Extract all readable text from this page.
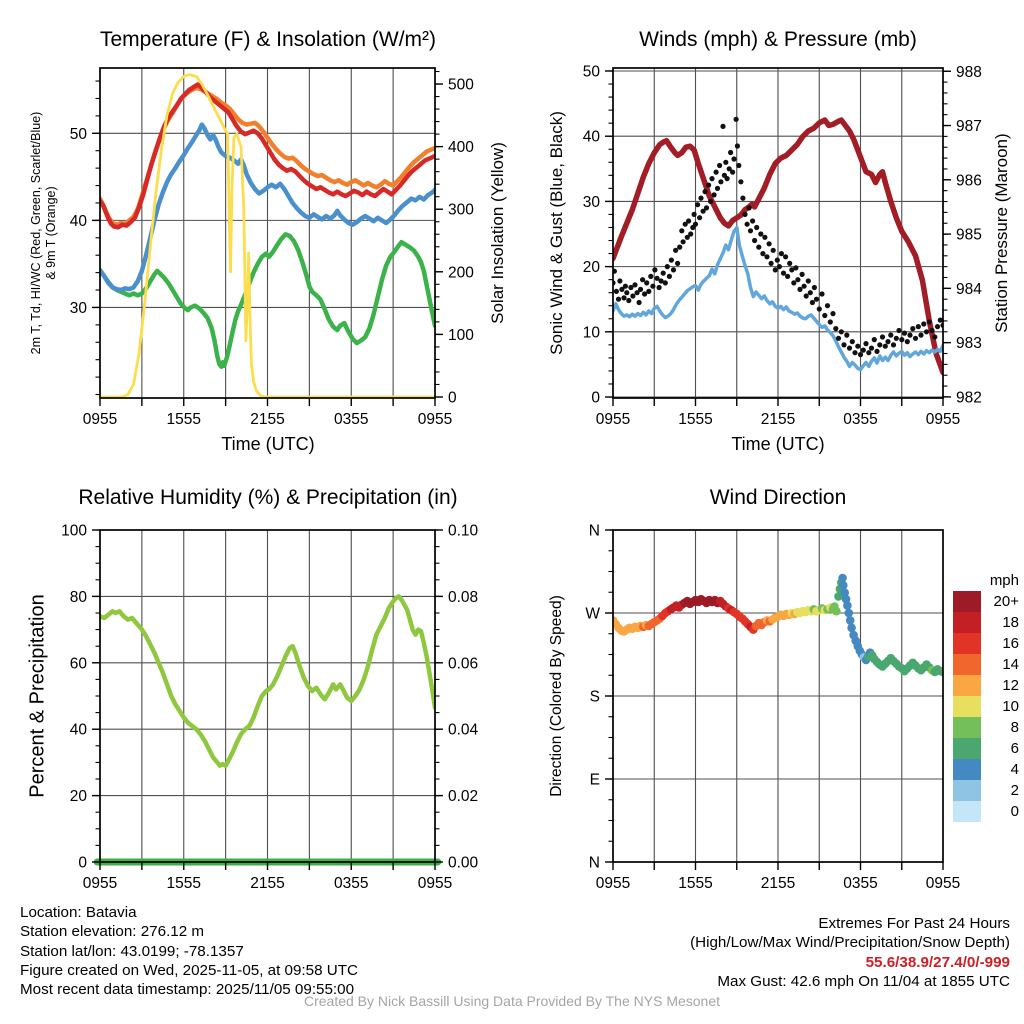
30
40
50
0
100
200
300
400
500
0955	1555	2155	0355	0955
0
10
20
30
40
50
982
983
984
985
986
987
988
0955	1555	2155	0355	0955
0
20
40
60
80
100
0.00
0.02
0.04
0.06
0.08
0.10
0955	1555	2155	0355	0955
N
W
S
E
N
0955	1555	2155	0355	0955
Temperature (F) & Insolation (W/m²)	Winds (mph) & Pressure (mb)
Relative Humidity (%) & Precipitation (in)	Wind Direction
2m T, Td, HI/WC (Red, Green, Scarlet/Blue) & 9m T (Orange)	Solar Insolation (Yellow) Sonic Wind & Gust (Blue, Black)	Station Pressure (Maroon)
Percent & Precipitation	Direction (Colored By Speed)
Time (UTC)	Time (UTC)
mph
20+
18
16
14
12
10
8
6
4
2
0
Location: Batavia
Station elevation: 276.12 m
Station lat/lon: 43.0199; -78.1357
Figure created on Wed, 2025-11-05, at 09:58 UTC
Most recent data timestamp: 2025/11/05 09:55:00
Extremes For Past 24 Hours
(High/Low/Max Wind/Precipitation/Snow Depth)
55.6/38.9/27.4/0/-999
Max Gust: 42.6 mph On 11/04 at 1855 UTC
Created By Nick Bassill Using Data Provided By The NYS Mesonet
